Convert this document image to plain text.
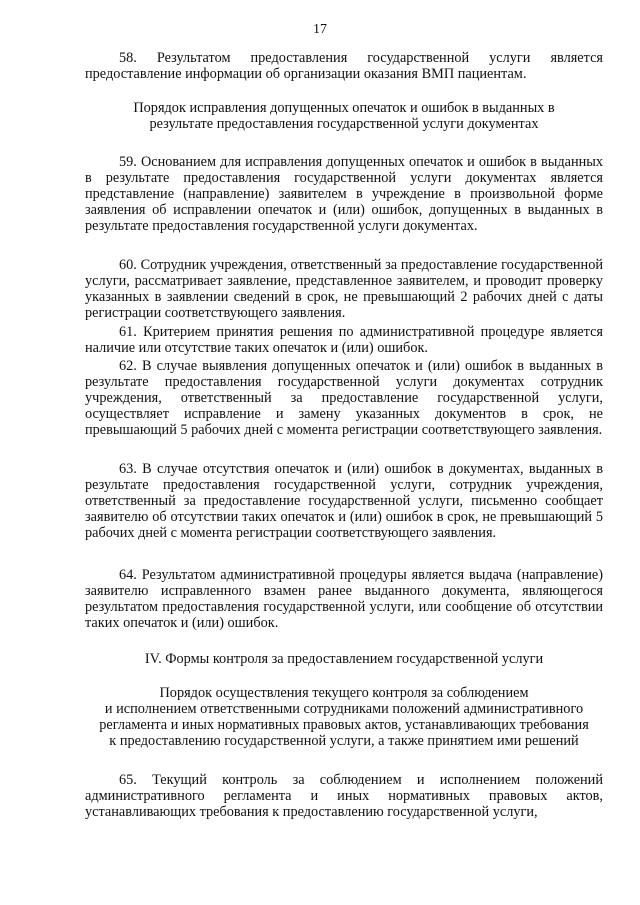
17

58. Результатом предоставления государственной услуги является предоставление информации об организации оказания ВМП пациентам.

Порядок исправления допущенных опечаток и ошибок в выданных в
результате предоставления государственной услуги документах

59. Основанием для исправления допущенных опечаток и ошибок в выданных в результате предоставления государственной услуги документах является представление (направление) заявителем в учреждение в произвольной форме заявления об исправлении опечаток и (или) ошибок, допущенных в выданных в результате предоставления государственной услуги документах.

60. Сотрудник учреждения, ответственный за предоставление государственной услуги, рассматривает заявление, представленное заявителем, и проводит проверку указанных в заявлении сведений в срок, не превышающий 2 рабочих дней с даты регистрации соответствующего заявления.

61. Критерием принятия решения по административной процедуре является наличие или отсутствие таких опечаток и (или) ошибок.

62. В случае выявления допущенных опечаток и (или) ошибок в выданных в результате предоставления государственной услуги документах сотрудник учреждения, ответственный за предоставление государственной услуги, осуществляет исправление и замену указанных документов в срок, не превышающий 5 рабочих дней с момента регистрации соответствующего заявления.

63. В случае отсутствия опечаток и (или) ошибок в документах, выданных в результате предоставления государственной услуги, сотрудник учреждения, ответственный за предоставление государственной услуги, письменно сообщает заявителю об отсутствии таких опечаток и (или) ошибок в срок, не превышающий 5 рабочих дней с момента регистрации соответствующего заявления.

64. Результатом административной процедуры является выдача (направление) заявителю исправленного взамен ранее выданного документа, являющегося результатом предоставления государственной услуги, или сообщение об отсутствии таких опечаток и (или) ошибок.

IV. Формы контроля за предоставлением государственной услуги
Порядок осуществления текущего контроля за соблюдением
и исполнением ответственными сотрудниками положений административного
регламента и иных нормативных правовых актов, устанавливающих требования
к предоставлению государственной услуги, а также принятием ими решений

65. Текущий контроль за соблюдением и исполнением положений административного регламента и иных нормативных правовых актов, устанавливающих требования к предоставлению государственной услуги,
